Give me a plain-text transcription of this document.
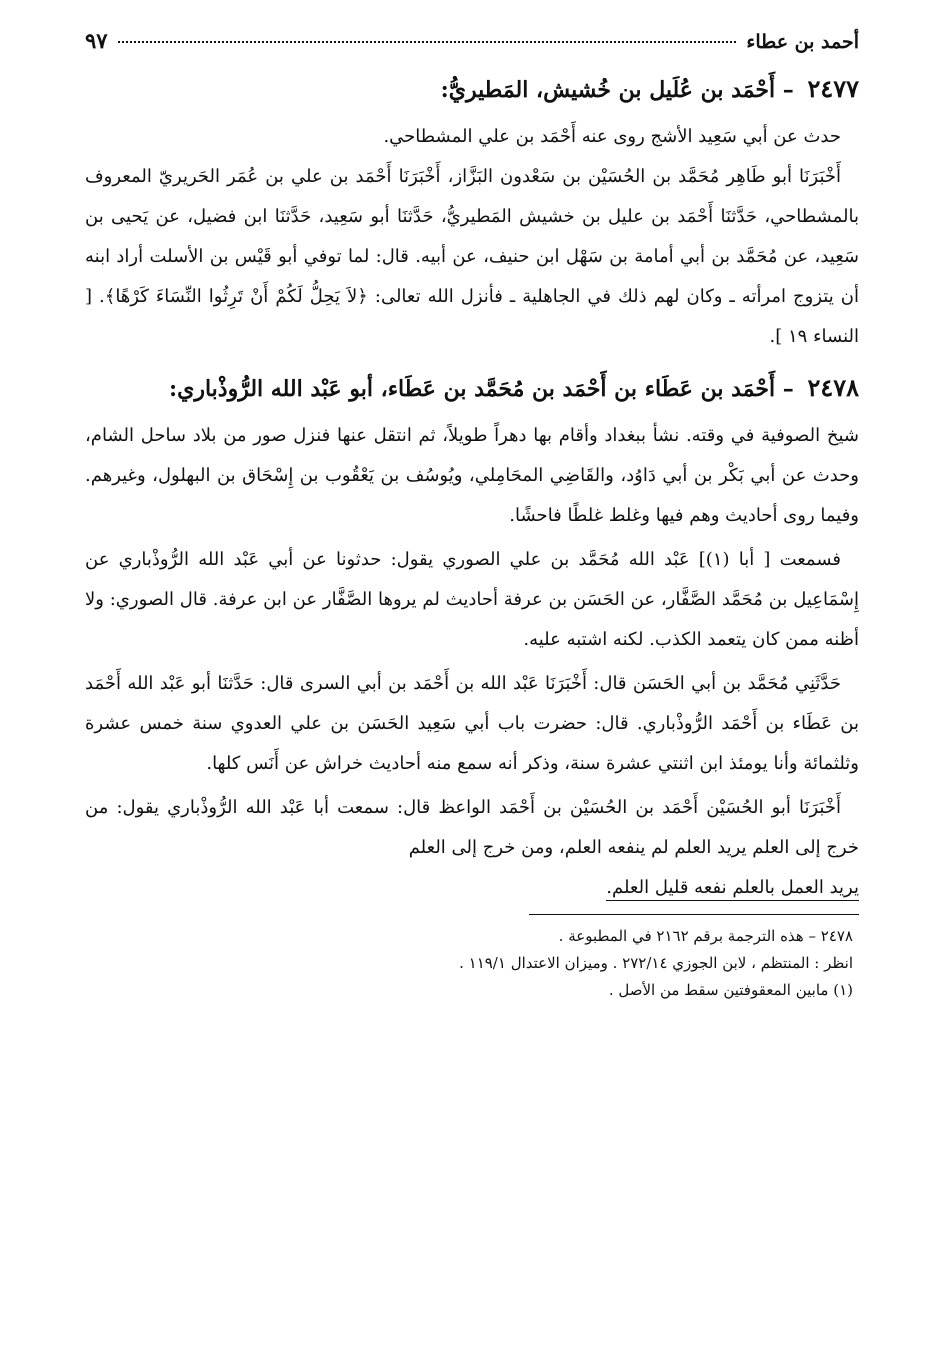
أحمد بن عطاء
٩٧
٢٤٧٧ – أَحْمَد بن عُلَيل بن خُشيش، المَطيريُّ:

حدث عن أبي سَعِيد الأشج روى عنه أَحْمَد بن علي المشطاحي.

أَخْبَرَنَا أبو طَاهِر مُحَمَّد بن الحُسَيْن بن سَعْدون البَزَّاز، أَخْبَرَنَا أَحْمَد بن علي بن عُمَر الحَريريّ المعروف بالمشطاحي، حَدَّثنَا أَحْمَد بن عليل بن خشيش المَطيريُّ، حَدَّثنَا أبو سَعِيد، حَدَّثنَا ابن فضيل، عن يَحيى بن سَعِيد، عن مُحَمَّد بن أبي أمامة بن سَهْل ابن حنيف، عن أبيه. قال: لما توفي أبو قَيْس بن الأسلت أراد ابنه أن يتزوج امرأته ـ وكان لهم ذلك في الجاهلية ـ فأنزل الله تعالى: ﴿لاَ يَحِلُّ لَكُمْ أَنْ تَرِثُوا النِّسَاءَ كَرْهًا﴾. [ النساء ١٩ ].

٢٤٧٨ – أَحْمَد بن عَطَاء بن أَحْمَد بن مُحَمَّد بن عَطَاء، أبو عَبْد الله الرُّوذْباري:

شيخ الصوفية في وقته. نشأ ببغداد وأقام بها دهراً طويلاً، ثم انتقل عنها فنزل صور من بلاد ساحل الشام، وحدث عن أبي بَكْر بن أبي دَاوُد، والقَاضِي المحَامِلي، ويُوسُف بن يَعْقُوب بن إِسْحَاق بن البهلول، وغيرهم. وفيما روى أحاديث وهم فيها وغلط غلطًا فاحشًا.

فسمعت [ أبا (١)] عَبْد الله مُحَمَّد بن علي الصوري يقول: حدثونا عن أبي عَبْد الله الرُّوذْباري عن إِسْمَاعِيل بن مُحَمَّد الصَّفَّار، عن الحَسَن بن عرفة أحاديث لم يروها الصَّفَّار عن ابن عرفة. قال الصوري: ولا أظنه ممن كان يتعمد الكذب. لكنه اشتبه عليه.

حَدَّثَنِي مُحَمَّد بن أبي الحَسَن قال: أَخْبَرَنَا عَبْد الله بن أَحْمَد بن أبي السرى قال: حَدَّثنَا أبو عَبْد الله أَحْمَد بن عَطَاء بن أَحْمَد الرُّوذْباري. قال: حضرت باب أبي سَعِيد الحَسَن بن علي العدوي سنة خمس عشرة وثلثمائة وأنا يومئذ ابن اثنتي عشرة سنة، وذكر أنه سمع منه أحاديث خراش عن أَنَس كلها.

أَخْبَرَنَا أبو الحُسَيْن أَحْمَد بن الحُسَيْن بن أَحْمَد الواعظ قال: سمعت أبا عَبْد الله الرُّوذْباري يقول: من خرج إلى العلم يريد العلم لم ينفعه العلم، ومن خرج إلى العلم

يريد العمل بالعلم نفعه قليل العلم.

٢٤٧٨ – هذه الترجمة برقم ٢١٦٢ في المطبوعة .
انظر : المنتظم ، لابن الجوزي ٢٧٢/١٤ . وميزان الاعتدال ١١٩/١ .
(١) مابين المعقوفتين سقط من الأصل .
